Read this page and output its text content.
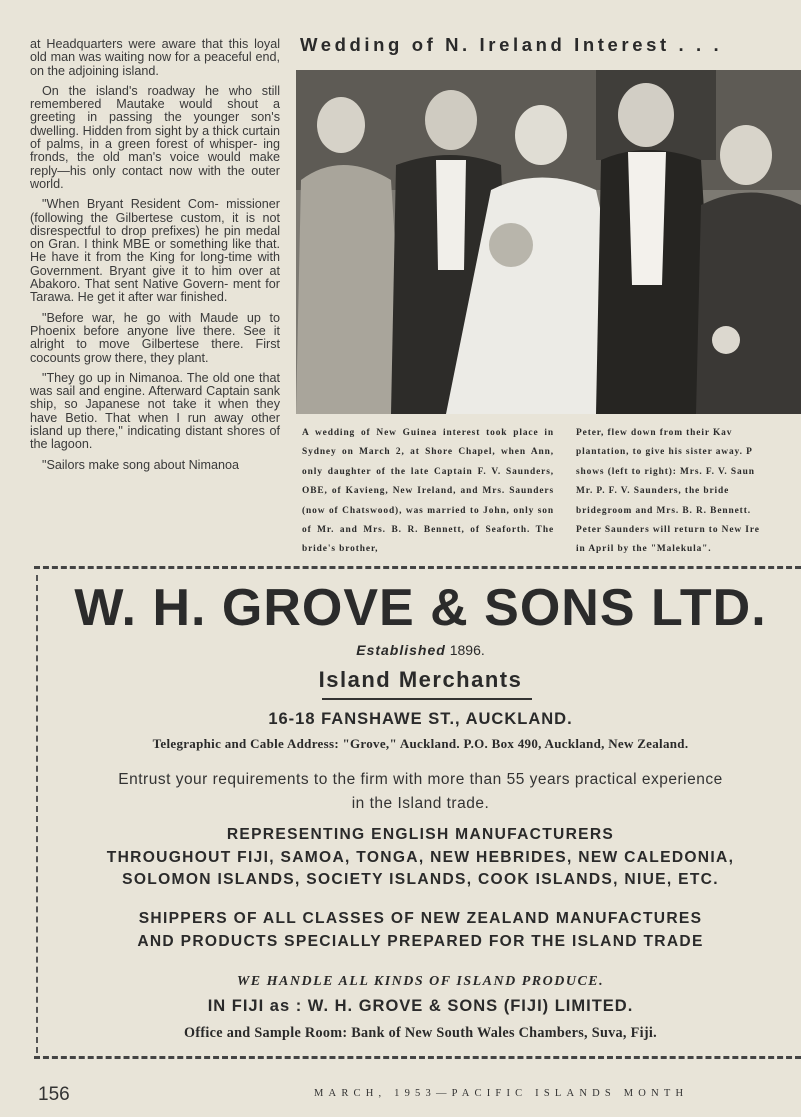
at Headquarters were aware that this loyal old man was waiting now for a peaceful end, on the adjoining island.

On the island's roadway he who still remembered Mautake would shout a greeting in passing the younger son's dwelling. Hidden from sight by a thick curtain of palms, in a green forest of whisper- ing fronds, the old man's voice would make reply—his only contact now with the outer world.

"When Bryant Resident Com- missioner (following the Gilbertese custom, it is not disrespectful to drop prefixes) he pin medal on Gran. I think MBE or something like that. He have it from the King for long-time with Government. Bryant give it to him over at Abakoro. That sent Native Govern- ment for Tarawa. He get it after war finished.

"Before war, he go with Maude up to Phoenix before anyone live there. See it alright to move Gilbertese there. First cocounts grow there, they plant.

"They go up in Nimanoa. The old one that was sail and engine. Afterward Captain sank ship, so Japanese not take it when they have Betio. That when I run away other island up there," indicating distant shores of the lagoon.

"Sailors make song about Nimanoa

Wedding of N. Ireland Interest . . .
A wedding of New Guinea interest took place in Sydney on March 2, at Shore Chapel, when Ann, only daughter of the late Captain F. V. Saunders, OBE, of Kavieng, New Ireland, and Mrs. Saunders (now of Chatswood), was married to John, only son of Mr. and Mrs. B. R. Bennett, of Seaforth. The bride's brother,
Peter, flew down from their Kav
plantation, to give his sister away. P
shows (left to right): Mrs. F. V. Saun
Mr. P. F. V. Saunders, the bride
bridegroom and Mrs. B. R. Bennett.
Peter Saunders will return to New Ire
in April by the "Malekula".
W. H. GROVE & SONS LTD.
Established 1896.
Island Merchants
16-18 FANSHAWE ST., AUCKLAND.
Telegraphic and Cable Address: "Grove," Auckland. P.O. Box 490, Auckland, New Zealand.
Entrust your requirements to the firm with more than 55 years practical experience
in the Island trade.
REPRESENTING ENGLISH MANUFACTURERS
THROUGHOUT FIJI, SAMOA, TONGA, NEW HEBRIDES, NEW CALEDONIA,
SOLOMON ISLANDS, SOCIETY ISLANDS, COOK ISLANDS, NIUE, ETC.
SHIPPERS OF ALL CLASSES OF NEW ZEALAND MANUFACTURES
AND PRODUCTS SPECIALLY PREPARED FOR THE ISLAND TRADE
WE HANDLE ALL KINDS OF ISLAND PRODUCE.
IN FIJI as : W. H. GROVE & SONS (FIJI) LIMITED.
Office and Sample Room: Bank of New South Wales Chambers, Suva, Fiji.
156	MARCH, 1953—PACIFIC ISLANDS MONTH
